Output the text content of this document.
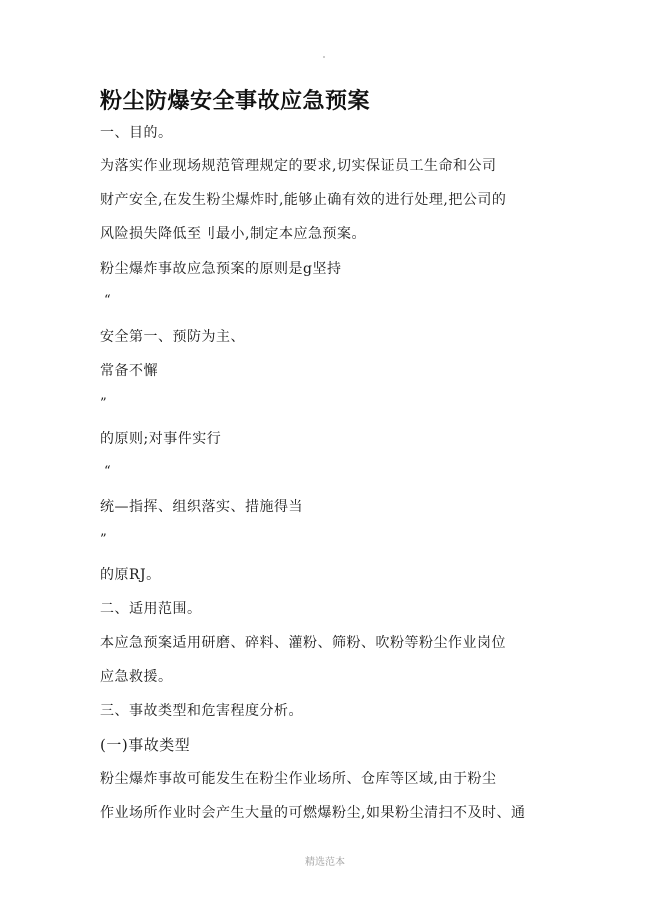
粉尘防爆安全事故应急预案
一、目的。
为落实作业现场规范管理规定的要求,切实保证员工生命和公司
财产安全,在发生粉尘爆炸时,能够止确有效的进行处理,把公司的
风险损失降低至刂最小,制定本应急预案。
粉尘爆炸事故应急预案的原则是g坚持
“
安全第一、预防为主、
常备不懈
”
的原则;对事件实行
“
统—指挥、组织落实、措施得当
”
的原RJ。
二、适用范围。
本应急预案适用研磨、碎料、灌粉、筛粉、吹粉等粉尘作业岗位
应急救援。
三、事故类型和危害程度分析。
(一)事故类型
粉尘爆炸事故可能发生在粉尘作业场所、仓库等区域,由于粉尘
作业场所作业时会产生大量的可燃爆粉尘,如果粉尘清扫不及时、通
精选范本
